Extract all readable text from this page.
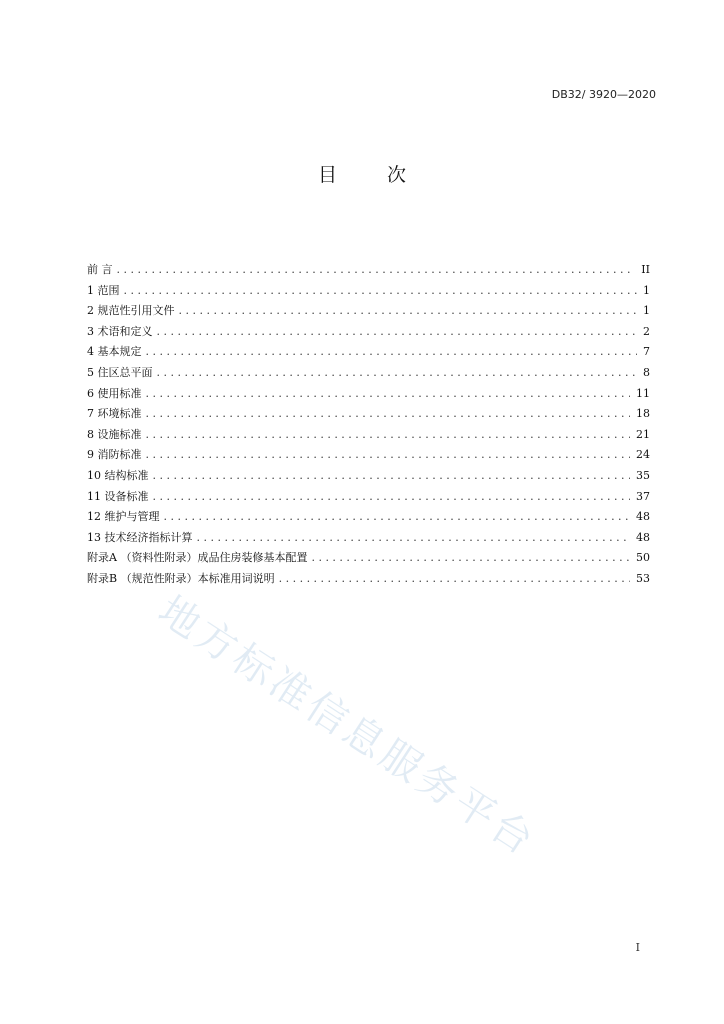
DB32/ 3920—2020
目 次
前 言 . . .	II
1 范围 . . .	1
2 规范性引用文件 . . .	1
3 术语和定义 . . .	2
4 基本规定 . . .	7
5 住区总平面 . . .	8
6 使用标准 . . .	11
7 环境标准 . . .	18
8 设施标准 . . .	21
9 消防标准 . . .	24
10 结构标准 . . .	35
11 设备标准 . . .	37
12 维护与管理 . . .	48
13 技术经济指标计算 . . .	48
附录A （资料性附录）成品住房装修基本配置 . . .	50
附录B （规范性附录）本标准用词说明 . . .	53
地方标准信息服务平台
I
